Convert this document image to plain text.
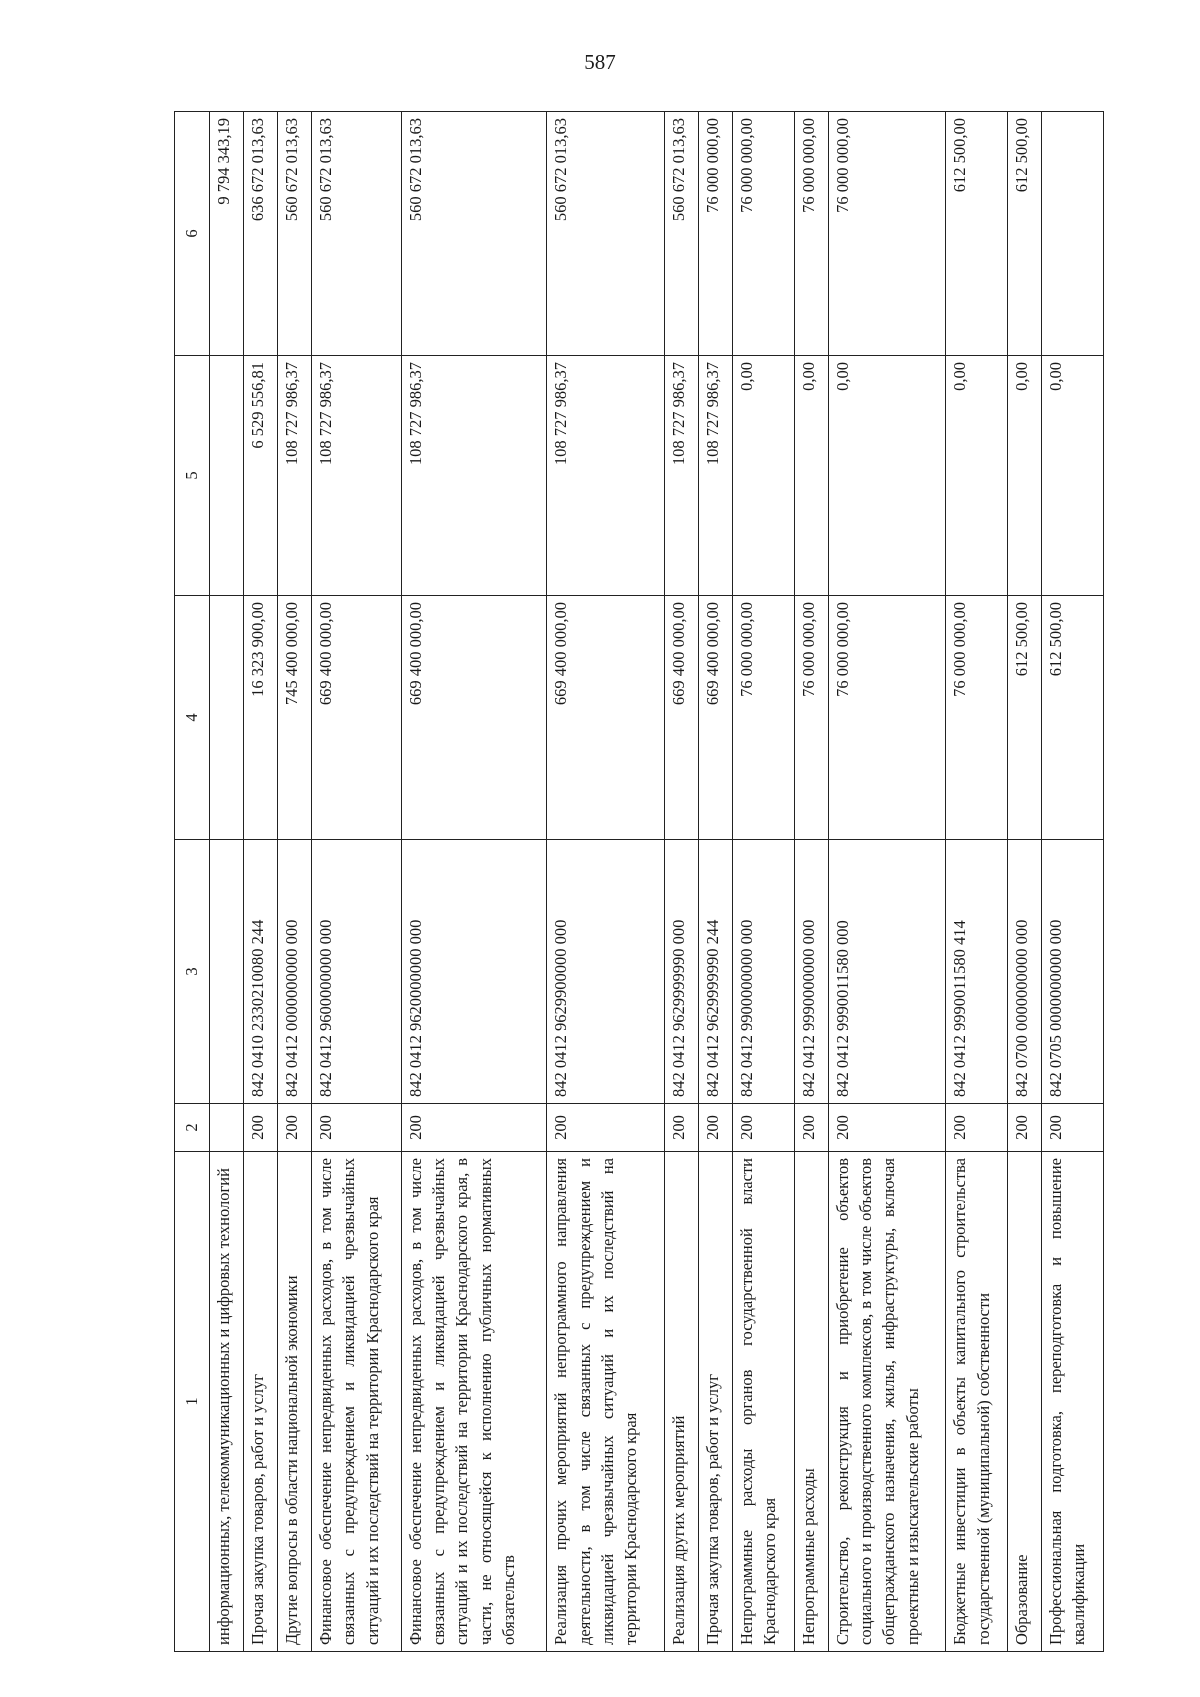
587
1	2	3	4	5	6
информационных, телекоммуникационных и цифровых технологий					9 794 343,19
Прочая закупка товаров, работ и услуг	200	842 0410 2330210080 244	16 323 900,00	6 529 556,81	636 672 013,63
Другие вопросы в области национальной экономики	200	842 0412 0000000000 000	745 400 000,00	108 727 986,37	560 672 013,63
Финансовое обеспечение непредвиденных расходов, в том числе связанных с предупреждением и ликвидацией чрезвычайных ситуаций и их последствий на территории Краснодарского края	200	842 0412 9600000000 000	669 400 000,00	108 727 986,37	560 672 013,63
Финансовое обеспечение непредвиденных расходов, в том числе связанных с предупреждением и ликвидацией чрезвычайных ситуаций и их последствий на территории Краснодарского края, в части, не относящейся к исполнению публичных нормативных обязательств	200	842 0412 9620000000 000	669 400 000,00	108 727 986,37	560 672 013,63
Реализация прочих мероприятий непрограммного направления деятельности, в том числе связанных с предупреждением и ликвидацией чрезвычайных ситуаций и их последствий на территории Краснодарского края	200	842 0412 9629900000 000	669 400 000,00	108 727 986,37	560 672 013,63
Реализация других мероприятий	200	842 0412 9629999990 000	669 400 000,00	108 727 986,37	560 672 013,63
Прочая закупка товаров, работ и услуг	200	842 0412 9629999990 244	669 400 000,00	108 727 986,37	76 000 000,00
Непрограммные расходы органов государственной власти Краснодарского края	200	842 0412 9900000000 000	76 000 000,00	0,00	76 000 000,00
Непрограммные расходы	200	842 0412 9990000000 000	76 000 000,00	0,00	76 000 000,00
Строительство, реконструкция и приобретение объектов социального и производственного комплексов, в том числе объектов общегражданского назначения, жилья, инфраструктуры, включая проектные и изыскательские работы	200	842 0412 9990011580 000	76 000 000,00	0,00	76 000 000,00
Бюджетные инвестиции в объекты капитального строительства государственной (муниципальной) собственности	200	842 0412 9990011580 414	76 000 000,00	0,00	612 500,00
Образование	200	842 0700 0000000000 000	612 500,00	0,00	612 500,00
Профессиональная подготовка, переподготовка и повышение квалификации	200	842 0705 0000000000 000	612 500,00	0,00	
